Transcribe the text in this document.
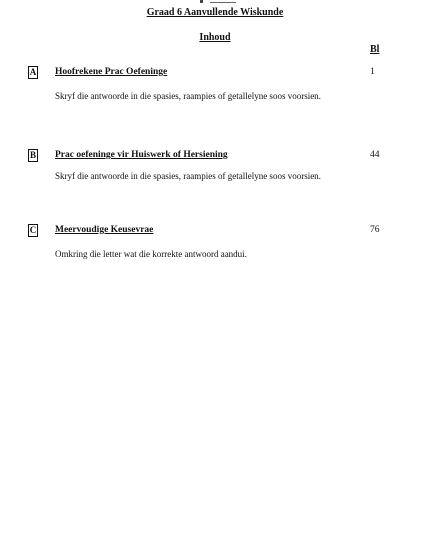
Graad 6 Aanvullende Wiskunde
Inhoud
Bl
A Hoofrekene Prac Oefeninge	1
Skryf die antwoorde in die spasies, raampies of getallelyne soos voorsien.
B Prac oefeninge vir Huiswerk of Hersiening	44
Skryf die antwoorde in die spasies, raampies of getallelyne soos voorsien.
C Meervoudige Keusevrae	76
Omkring die letter wat die korrekte antwoord aandui.
